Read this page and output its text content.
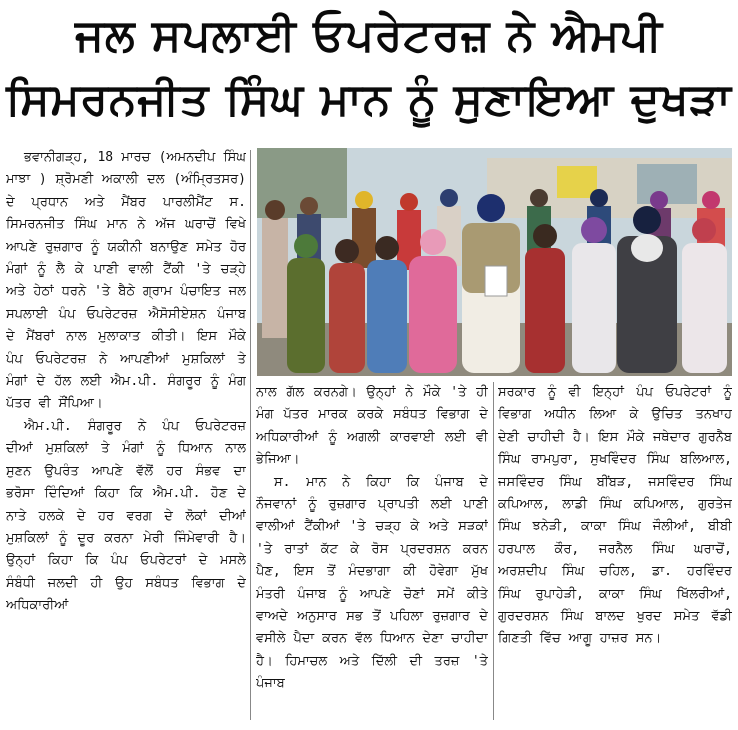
ਜਲ ਸਪਲਾਈ ਓਪਰੇਟਰਜ਼ ਨੇ ਐਮਪੀ
ਸਿਮਰਨਜੀਤ ਸਿੰਘ ਮਾਨ ਨੂੰ ਸੁਣਾਇਆ ਦੁਖੜਾ

ਭਵਾਨੀਗੜ੍ਹ, 18 ਮਾਰਚ (ਅਮਨਦੀਪ ਸਿੰਘ ਮਾਝਾ ) ਸ਼੍ਰੋਮਣੀ ਅਕਾਲੀ ਦਲ (ਅੰਮ੍ਰਿਤਸਰ) ਦੇ ਪ੍ਰਧਾਨ ਅਤੇ ਮੈਂਬਰ ਪਾਰਲੀਮੈਂਟ ਸ. ਸਿਮਰਨਜੀਤ ਸਿੰਘ ਮਾਨ ਨੇ ਅੱਜ ਘਰਾਚੋਂ ਵਿਖੇ ਆਪਣੇ ਰੁਜ਼ਗਾਰ ਨੂੰ ਯਕੀਨੀ ਬਨਾਉਣ ਸਮੇਤ ਹੋਰ ਮੰਗਾਂ ਨੂੰ ਲੈ ਕੇ ਪਾਣੀ ਵਾਲੀ ਟੈਂਕੀ 'ਤੇ ਚੜ੍ਹੇ ਅਤੇ ਹੇਠਾਂ ਧਰਨੇ 'ਤੇ ਬੈਠੇ ਗ੍ਰਾਮ ਪੰਚਾਇਤ ਜਲ ਸਪਲਾਈ ਪੰਪ ਓਪਰੇਟਰਜ਼ ਐਸੋਸੀਏਸ਼ਨ ਪੰਜਾਬ ਦੇ ਮੈਂਬਰਾਂ ਨਾਲ ਮੁਲਾਕਾਤ ਕੀਤੀ। ਇਸ ਮੌਕੇ ਪੰਪ ਓਪਰੇਟਰਜ਼ ਨੇ ਆਪਣੀਆਂ ਮੁਸ਼ਕਿਲਾਂ ਤੇ ਮੰਗਾਂ ਦੇ ਹੱਲ ਲਈ ਐਮ.ਪੀ. ਸੰਗਰੂਰ ਨੂੰ ਮੰਗ ਪੱਤਰ ਵੀ ਸੌਂਪਿਆ।

ਐਮ.ਪੀ. ਸੰਗਰੂਰ ਨੇ ਪੰਪ ਓਪਰੇਟਰਜ਼ ਦੀਆਂ ਮੁਸ਼ਕਿਲਾਂ ਤੇ ਮੰਗਾਂ ਨੂੰ ਧਿਆਨ ਨਾਲ ਸੁਣਨ ਉਪਰੰਤ ਆਪਣੇ ਵੱਲੋਂ ਹਰ ਸੰਭਵ ਦਾ ਭਰੋਸਾ ਦਿੰਦਿਆਂ ਕਿਹਾ ਕਿ ਐਮ.ਪੀ. ਹੋਣ ਦੇ ਨਾਤੇ ਹਲਕੇ ਦੇ ਹਰ ਵਰਗ ਦੇ ਲੋਕਾਂ ਦੀਆਂ ਮੁਸ਼ਕਿਲਾਂ ਨੂੰ ਦੂਰ ਕਰਨਾ ਮੇਰੀ ਜਿੰਮੇਵਾਰੀ ਹੈ। ਉਨ੍ਹਾਂ ਕਿਹਾ ਕਿ ਪੰਪ ਓਪਰੇਟਰਾਂ ਦੇ ਮਸਲੇ ਸੰਬੰਧੀ ਜਲਦੀ ਹੀ ਉਹ ਸਬੰਧਤ ਵਿਭਾਗ ਦੇ ਅਧਿਕਾਰੀਆਂ

ਨਾਲ ਗੱਲ ਕਰਨਗੇ। ਉਨ੍ਹਾਂ ਨੇ ਮੌਕੇ 'ਤੇ ਹੀ ਮੰਗ ਪੱਤਰ ਮਾਰਕ ਕਰਕੇ ਸਬੰਧਤ ਵਿਭਾਗ ਦੇ ਅਧਿਕਾਰੀਆਂ ਨੂੰ ਅਗਲੀ ਕਾਰਵਾਈ ਲਈ ਵੀ ਭੇਜਿਆ।

ਸ. ਮਾਨ ਨੇ ਕਿਹਾ ਕਿ ਪੰਜਾਬ ਦੇ ਨੌਜਵਾਨਾਂ ਨੂੰ ਰੁਜ਼ਗਾਰ ਪ੍ਰਾਪਤੀ ਲਈ ਪਾਣੀ ਵਾਲੀਆਂ ਟੈਂਕੀਆਂ 'ਤੇ ਚੜ੍ਹ ਕੇ ਅਤੇ ਸੜਕਾਂ 'ਤੇ ਰਾਤਾਂ ਕੱਟ ਕੇ ਰੋਸ ਪ੍ਰਦਰਸ਼ਨ ਕਰਨ ਪੈਣ, ਇਸ ਤੋਂ ਮੰਦਭਾਗਾ ਕੀ ਹੋਵੇਗਾ ਮੁੱਖ ਮੰਤਰੀ ਪੰਜਾਬ ਨੂੰ ਆਪਣੇ ਚੋਣਾਂ ਸਮੇਂ ਕੀਤੇ ਵਾਅਦੇ ਅਨੁਸਾਰ ਸਭ ਤੋਂ ਪਹਿਲਾ ਰੁਜ਼ਗਾਰ ਦੇ ਵਸੀਲੇ ਪੈਦਾ ਕਰਨ ਵੱਲ ਧਿਆਨ ਦੇਣਾ ਚਾਹੀਦਾ ਹੈ। ਹਿਮਾਚਲ ਅਤੇ ਦਿੱਲੀ ਦੀ ਤਰਜ਼ 'ਤੇ ਪੰਜਾਬ

ਸਰਕਾਰ ਨੂੰ ਵੀ ਇਨ੍ਹਾਂ ਪੰਪ ਓਪਰੇਟਰਾਂ ਨੂੰ ਵਿਭਾਗ ਅਧੀਨ ਲਿਆ ਕੇ ਉਚਿਤ ਤਨਖਾਹ ਦੇਣੀ ਚਾਹੀਦੀ ਹੈ। ਇਸ ਮੌਕੇ ਜਥੇਦਾਰ ਗੁਰਨੈਬ ਸਿੰਘ ਰਾਮਪੁਰਾ, ਸੁਖਵਿੰਦਰ ਸਿੰਘ ਬਲਿਆਲ, ਜਸਵਿੰਦਰ ਸਿੰਘ ਬੀਂਬੜ, ਜਸਵਿੰਦਰ ਸਿੰਘ ਕਪਿਆਲ, ਲਾਡੀ ਸਿੰਘ ਕਪਿਆਲ, ਗੁਰਤੇਜ ਸਿੰਘ ਝਨੇੜੀ, ਕਾਕਾ ਸਿੰਘ ਜੌਲੀਆਂ, ਬੀਬੀ ਹਰਪਾਲ ਕੌਰ, ਜਰਨੈਲ ਸਿੰਘ ਘਰਾਚੋਂ, ਅਰਸ਼ਦੀਪ ਸਿੰਘ ਚਹਿਲ, ਡਾ. ਹਰਵਿੰਦਰ ਸਿੰਘ ਰੁਪਾਹੇੜੀ, ਕਾਕਾ ਸਿੰਘ ਖਿੱਲਰੀਆਂ, ਗੁਰਦਰਸ਼ਨ ਸਿੰਘ ਬਾਲਦ ਖੁਰਦ ਸਮੇਤ ਵੱਡੀ ਗਿਣਤੀ ਵਿੱਚ ਆਗੂ ਹਾਜ਼ਰ ਸਨ।
